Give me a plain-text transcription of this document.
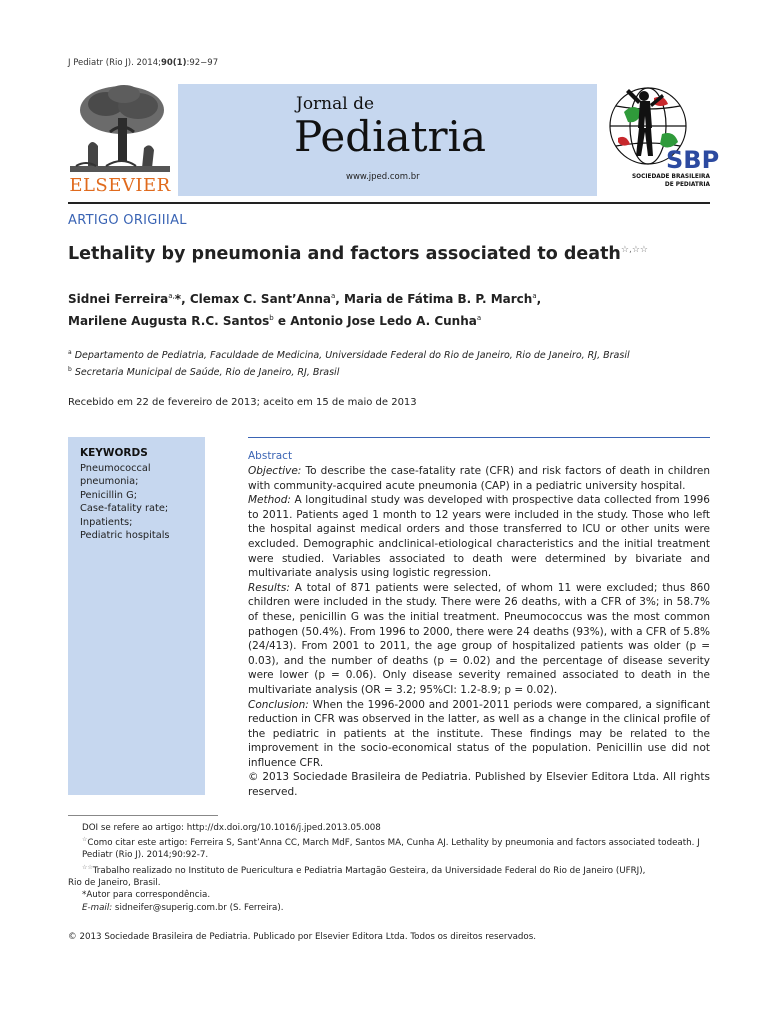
J Pediatr (Rio J). 2014;90(1):92−97
ELSEVIER
Jornal de
Pediatria
www.jped.com.br
SBP
SOCIEDADE BRASILEIRA
DE PEDIATRIA
ARTIGO ORIGIIIAL
Lethality by pneumonia and factors associated to death☆,☆☆
Sidnei Ferreira$^{a,}$*, Clemax C. Sant’Anna$^a$, Maria de Fátima B. P. March$^a$,
Marilene Augusta R.C. Santos$^b$ e Antonio Jose Ledo A. Cunha$^a$
$^a$ Departamento de Pediatria, Faculdade de Medicina, Universidade Federal do Rio de Janeiro, Rio de Janeiro, RJ, Brasil
$^b$ Secretaria Municipal de Saúde, Rio de Janeiro, RJ, Brasil
Recebido em 22 de fevereiro de 2013; aceito em 15 de maio de 2013
KEYWORDS
Pneumococcal pneumonia;
Penicillin G;
Case-fatality rate;
Inpatients;
Pediatric hospitals
Abstract

Objective: To describe the case-fatality rate (CFR) and risk factors of death in children with community-acquired acute pneumonia (CAP) in a pediatric university hospital.

Method: A longitudinal study was developed with prospective data collected from 1996 to 2011. Patients aged 1 month to 12 years were included in the study. Those who left the hospital against medical orders and those transferred to ICU or other units were excluded. Demographic andclinical-etiological characteristics and the initial treatment were studied. Variables associated to death were determined by bivariate and multivariate analysis using logistic regression.

Results: A total of 871 patients were selected, of whom 11 were excluded; thus 860 children were included in the study. There were 26 deaths, with a CFR of 3%; in 58.7% of these, penicillin G was the initial treatment. Pneumococcus was the most common pathogen (50.4%). From 1996 to 2000, there were 24 deaths (93%), with a CFR of 5.8% (24/413). From 2001 to 2011, the age group of hospitalized patients was older (p = 0.03), and the number of deaths (p = 0.02) and the percentage of disease severity were lower (p = 0.06). Only disease severity remained associated to death in the multivariate analysis (OR = 3.2; 95%CI: 1.2-8.9; p = 0.02).

Conclusion: When the 1996-2000 and 2001-2011 periods were compared, a significant reduction in CFR was observed in the latter, as well as a change in the clinical profile of the pediatric in patients at the institute. These findings may be related to the improvement in the socio-economical status of the population. Penicillin use did not influence CFR.

© 2013 Sociedade Brasileira de Pediatria. Published by Elsevier Editora Ltda. All rights reserved.

DOI se refere ao artigo: http://dx.doi.org/10.1016/j.jped.2013.05.008

☆Como citar este artigo: Ferreira S, Sant’Anna CC, March MdF, Santos MA, Cunha AJ. Lethality by pneumonia and factors associated todeath. J Pediatr (Rio J). 2014;90:92-7.

☆☆Trabalho realizado no Instituto de Puericultura e Pediatria Martagão Gesteira, da Universidade Federal do Rio de Janeiro (UFRJ),

Rio de Janeiro, Brasil.

*Autor para correspondência.

E-mail: sidneifer@superig.com.br (S. Ferreira).

© 2013 Sociedade Brasileira de Pediatria. Publicado por Elsevier Editora Ltda. Todos os direitos reservados.
